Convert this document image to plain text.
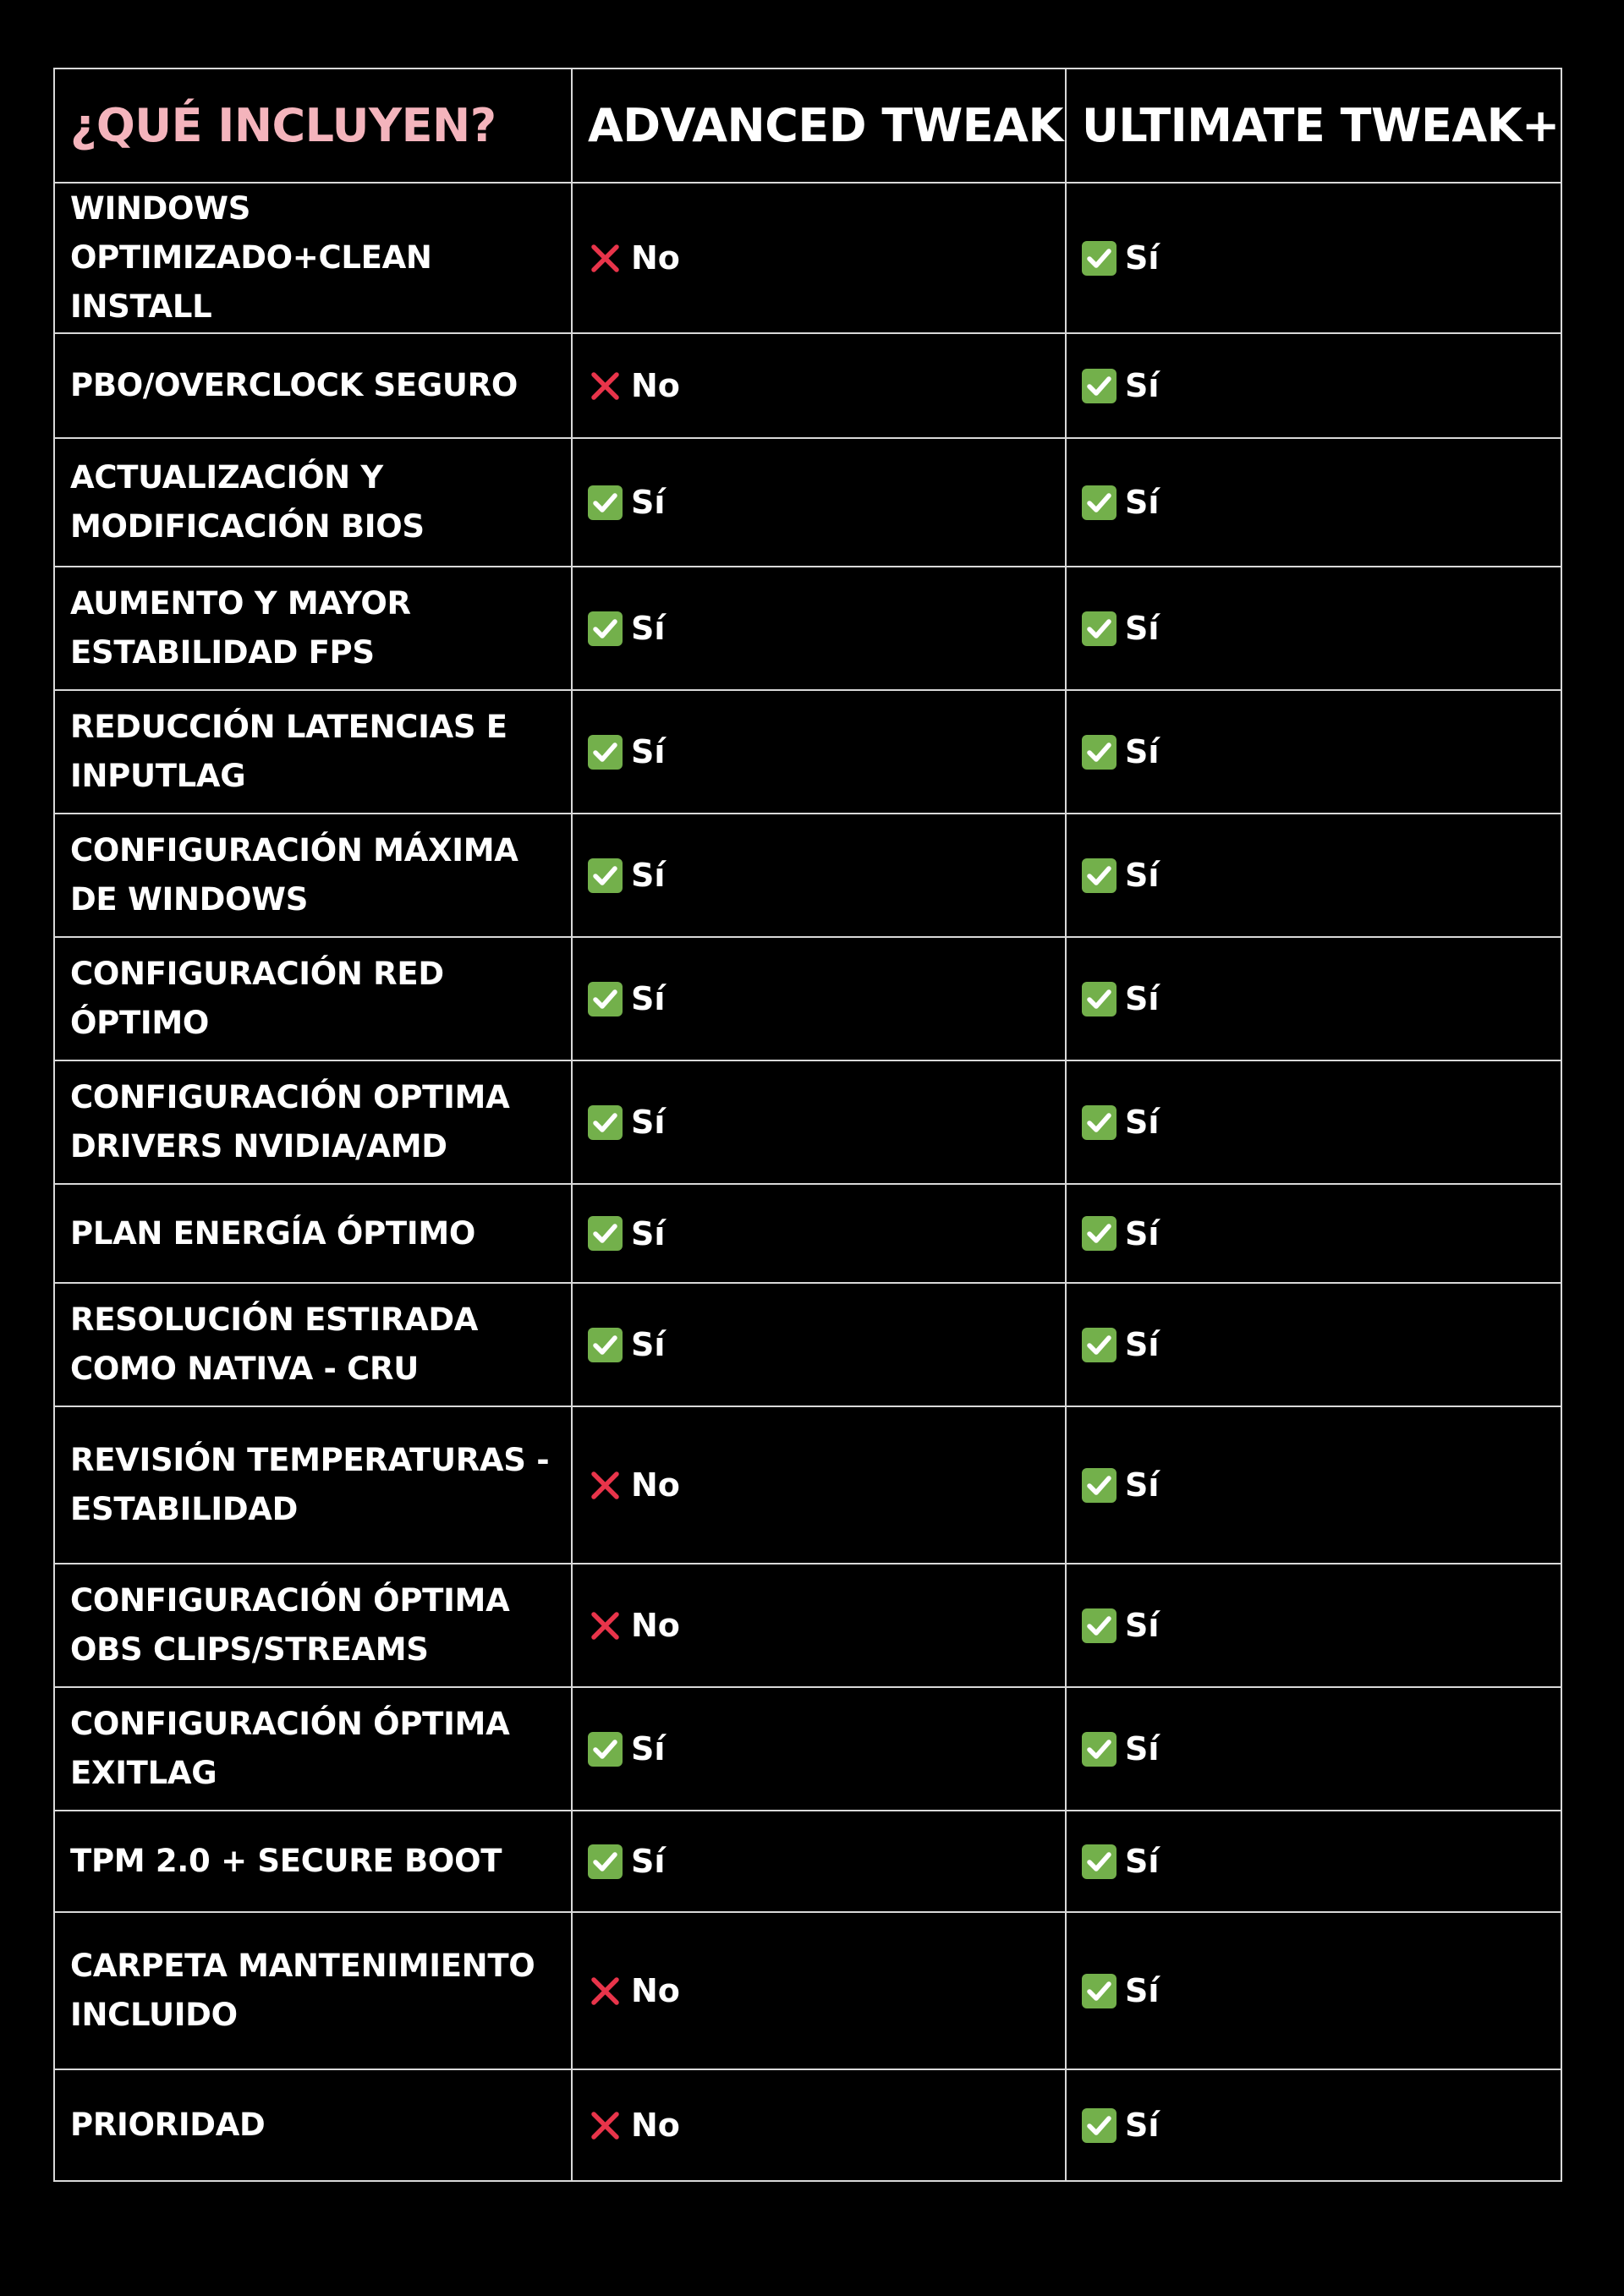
¿QUÉ INCLUYEN?	ADVANCED TWEAK	ULTIMATE TWEAK+
WINDOWS OPTIMIZADO+CLEAN INSTALL	No	Sí

PBO/OVERCLOCK SEGURO	No	Sí

ACTUALIZACIÓN Y MODIFICACIÓN BIOS	Sí	Sí

AUMENTO Y MAYOR ESTABILIDAD FPS	Sí	Sí

REDUCCIÓN LATENCIAS E INPUTLAG	Sí	Sí

CONFIGURACIÓN MÁXIMA DE WINDOWS	Sí	Sí

CONFIGURACIÓN RED ÓPTIMO	Sí	Sí

CONFIGURACIÓN OPTIMA DRIVERS NVIDIA/AMD	Sí	Sí

PLAN ENERGÍA ÓPTIMO	Sí	Sí

RESOLUCIÓN ESTIRADA COMO NATIVA - CRU	Sí	Sí

REVISIÓN TEMPERATURAS - ESTABILIDAD	No	Sí

CONFIGURACIÓN ÓPTIMA OBS CLIPS/STREAMS	No	Sí

CONFIGURACIÓN ÓPTIMA EXITLAG	Sí	Sí

TPM 2.0 + SECURE BOOT	Sí	Sí

CARPETA MANTENIMIENTO INCLUIDO	No	Sí

PRIORIDAD	No	Sí
